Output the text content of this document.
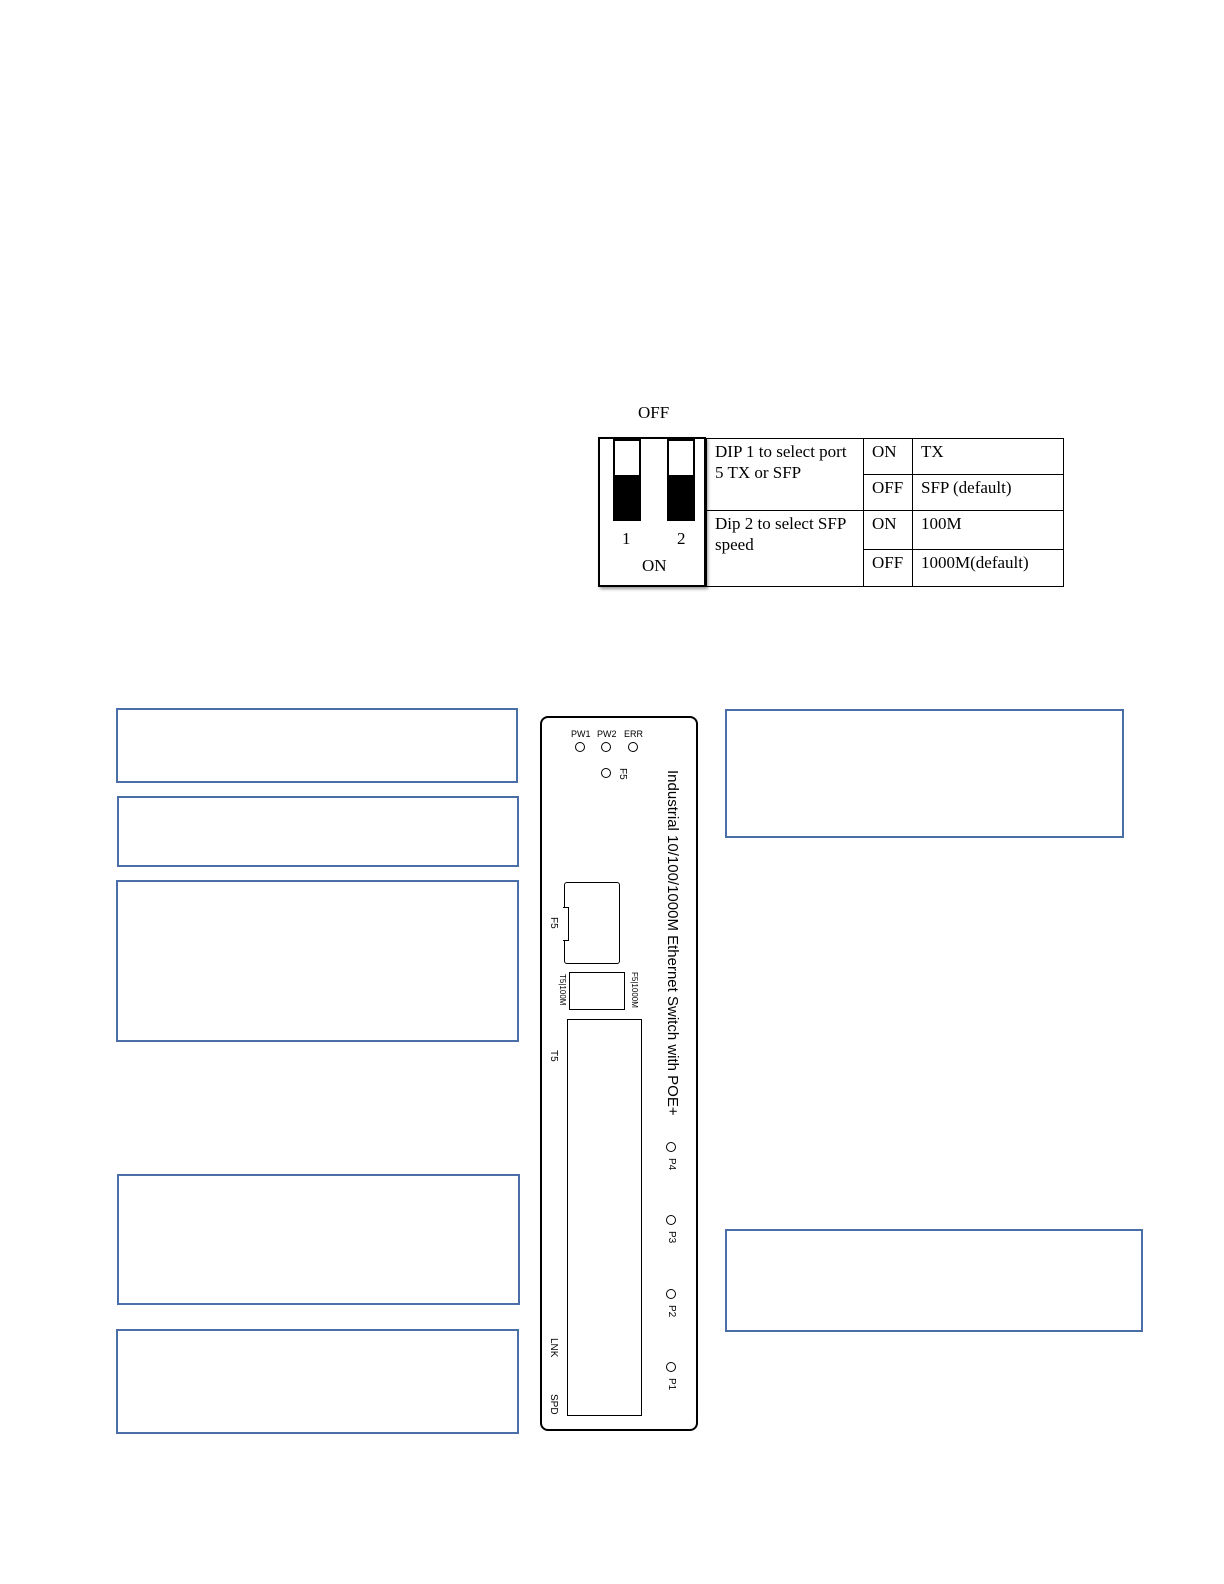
OFF
1	2
ON
DIP 1 to select port 5 TX or SFP	ON	TX
	OFF	SFP (default)
Dip 2 to select SFP speed	ON	100M
	OFF	1000M(default)
PW1 PW2 ERR
F5 Industrial 10/100/1000M Ethernet Switch with POE+
F5
T5|100M	F5|1000M
T5
LNK
SPD
P4
P3
P2
P1
